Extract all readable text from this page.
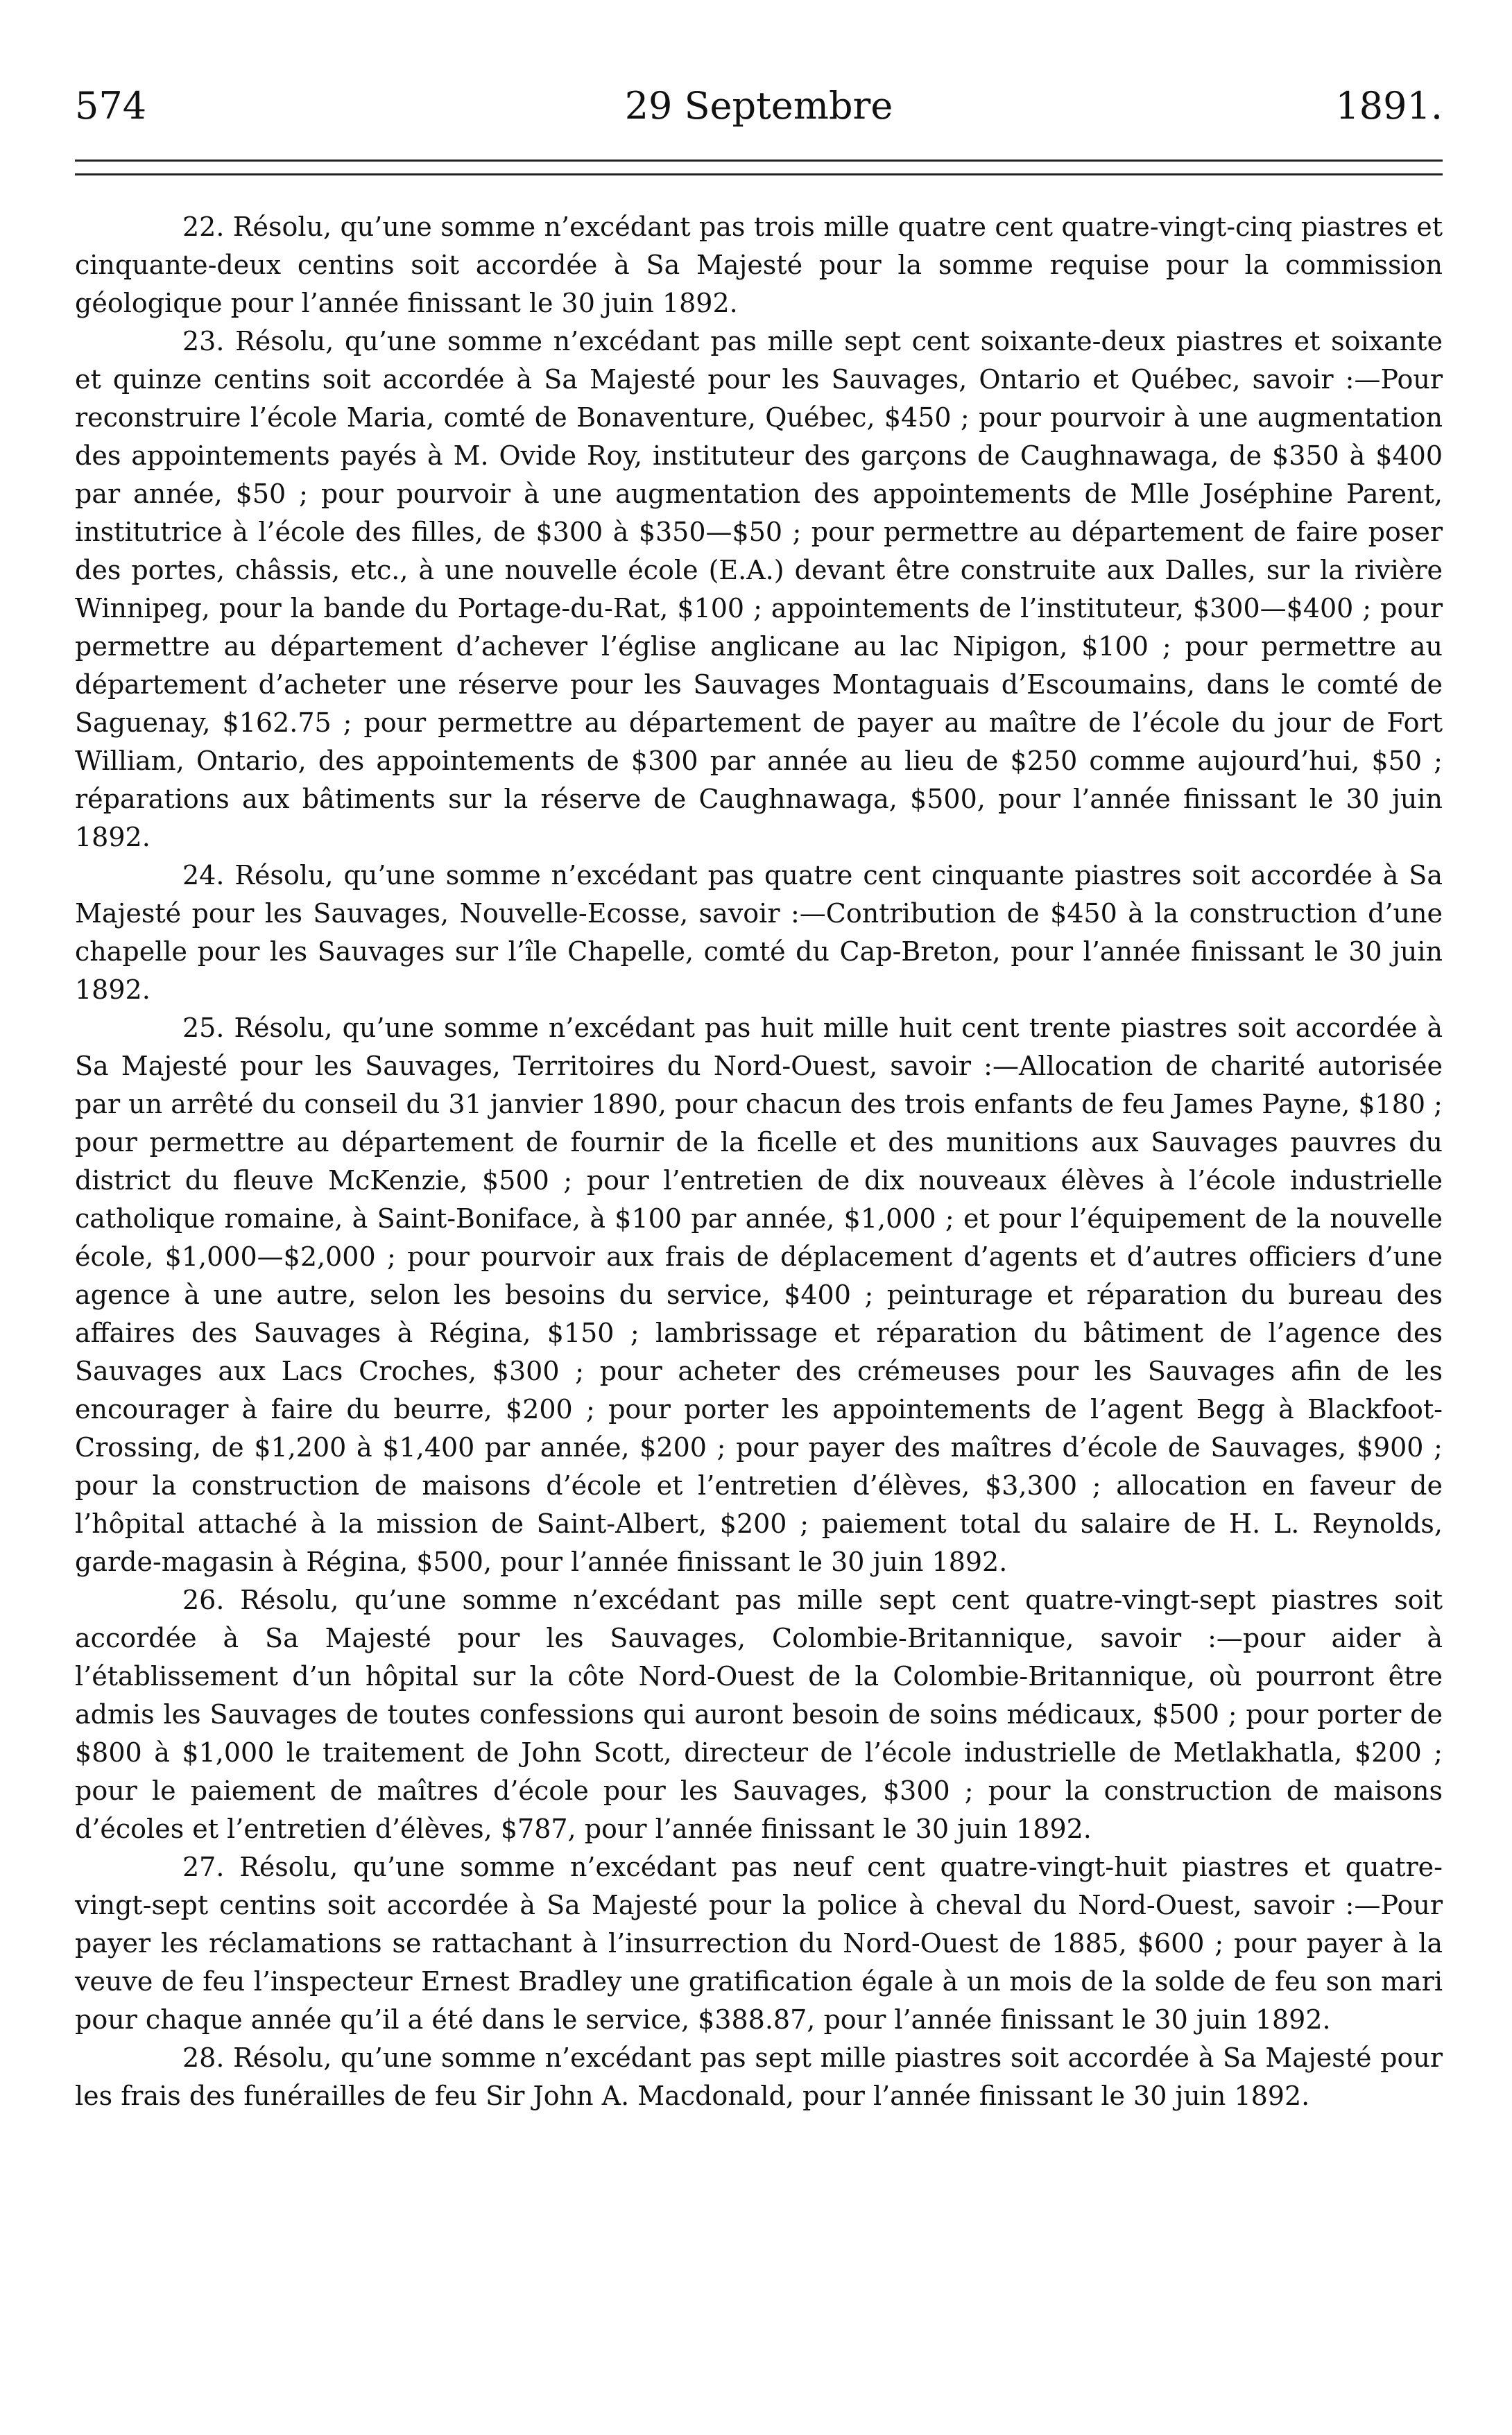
574	29 Septembre	1891.

22. Résolu, qu’une somme n’excédant pas trois mille quatre cent quatre-vingt-cinq piastres et cinquante-deux centins soit accordée à Sa Majesté pour la somme requise pour la commission géologique pour l’année finissant le 30 juin 1892.

23. Résolu, qu’une somme n’excédant pas mille sept cent soixante-deux piastres et soixante et quinze centins soit accordée à Sa Majesté pour les Sauvages, Ontario et Québec, savoir :—Pour reconstruire l’école Maria, comté de Bonaventure, Québec, $450 ; pour pourvoir à une augmentation des appointements payés à M. Ovide Roy, instituteur des garçons de Caughnawaga, de $350 à $400 par année, $50 ; pour pourvoir à une augmentation des appointements de Mlle Joséphine Parent, institutrice à l’école des filles, de $300 à $350—$50 ; pour permettre au département de faire poser des portes, châssis, etc., à une nouvelle école (E.A.) devant être construite aux Dalles, sur la rivière Winnipeg, pour la bande du Portage-du-Rat, $100 ; appointements de l’instituteur, $300—$400 ; pour permettre au département d’achever l’église anglicane au lac Nipigon, $100 ; pour permettre au département d’acheter une réserve pour les Sauvages Montaguais d’Escoumains, dans le comté de Saguenay, $162.75 ; pour permettre au département de payer au maître de l’école du jour de Fort William, Ontario, des appointements de $300 par année au lieu de $250 comme aujourd’hui, $50 ; réparations aux bâtiments sur la réserve de Caughnawaga, $500, pour l’année finissant le 30 juin 1892.

24. Résolu, qu’une somme n’excédant pas quatre cent cinquante piastres soit accordée à Sa Majesté pour les Sauvages, Nouvelle-Ecosse, savoir :—Contribution de $450 à la construction d’une chapelle pour les Sauvages sur l’île Chapelle, comté du Cap-Breton, pour l’année finissant le 30 juin 1892.

25. Résolu, qu’une somme n’excédant pas huit mille huit cent trente piastres soit accordée à Sa Majesté pour les Sauvages, Territoires du Nord-Ouest, savoir :—Allocation de charité autorisée par un arrêté du conseil du 31 janvier 1890, pour chacun des trois enfants de feu James Payne, $180 ; pour permettre au département de fournir de la ficelle et des munitions aux Sauvages pauvres du district du fleuve McKenzie, $500 ; pour l’entretien de dix nouveaux élèves à l’école industrielle catholique romaine, à Saint-Boniface, à $100 par année, $1,000 ; et pour l’équipement de la nouvelle école, $1,000—$2,000 ; pour pourvoir aux frais de déplacement d’agents et d’autres officiers d’une agence à une autre, selon les besoins du service, $400 ; peinturage et réparation du bureau des affaires des Sauvages à Régina, $150 ; lambrissage et réparation du bâtiment de l’agence des Sauvages aux Lacs Croches, $300 ; pour acheter des crémeuses pour les Sauvages afin de les encourager à faire du beurre, $200 ; pour porter les appointements de l’agent Begg à Blackfoot-Crossing, de $1,200 à $1,400 par année, $200 ; pour payer des maîtres d’école de Sauvages, $900 ; pour la construction de maisons d’école et l’entretien d’élèves, $3,300 ; allocation en faveur de l’hôpital attaché à la mission de Saint-Albert, $200 ; paiement total du salaire de H. L. Reynolds, garde-magasin à Régina, $500, pour l’année finissant le 30 juin 1892.

26. Résolu, qu’une somme n’excédant pas mille sept cent quatre-vingt-sept piastres soit accordée à Sa Majesté pour les Sauvages, Colombie-Britannique, savoir :—pour aider à l’établissement d’un hôpital sur la côte Nord-Ouest de la Colombie-Britannique, où pourront être admis les Sauvages de toutes confessions qui auront besoin de soins médicaux, $500 ; pour porter de $800 à $1,000 le traitement de John Scott, directeur de l’école industrielle de Metlakhatla, $200 ; pour le paiement de maîtres d’école pour les Sauvages, $300 ; pour la construction de maisons d’écoles et l’entretien d’élèves, $787, pour l’année finissant le 30 juin 1892.

27. Résolu, qu’une somme n’excédant pas neuf cent quatre-vingt-huit piastres et quatre-vingt-sept centins soit accordée à Sa Majesté pour la police à cheval du Nord-Ouest, savoir :—Pour payer les réclamations se rattachant à l’insurrection du Nord-Ouest de 1885, $600 ; pour payer à la veuve de feu l’inspecteur Ernest Bradley une gratification égale à un mois de la solde de feu son mari pour chaque année qu’il a été dans le service, $388.87, pour l’année finissant le 30 juin 1892.

28. Résolu, qu’une somme n’excédant pas sept mille piastres soit accordée à Sa Majesté pour les frais des funérailles de feu Sir John A. Macdonald, pour l’année finissant le 30 juin 1892.
